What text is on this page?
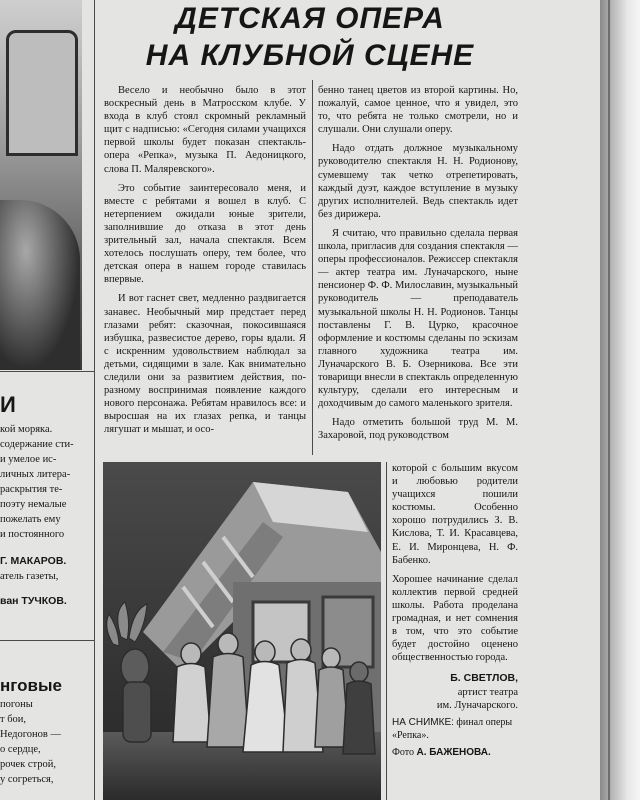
И
кой моряка.
содержание сти-
и умелое ис-
личных литера-
раскрытия те-
поэту немалые
пожелать ему
и постоянного
Г. МАКАРОВ.
атель газеты,
ван ТУЧКОВ.
нговые
погоны
т бои,
Недогонов —
о сердце,
рочек строй,
у согреться,
ДЕТСКАЯ ОПЕРА
НА КЛУБНОЙ СЦЕНЕ

Весело и необычно было в этот воскресный день в Матросском клубе. У входа в клуб стоял скромный рекламный щит с надписью: «Сегодня силами учащихся первой школы будет показан спектакль-опера «Репка», музыка П. Аедоницкого, слова П. Маляревского».

Это событие заинтересовало меня, и вместе с ребятами я вошел в клуб. С нетерпением ожидали юные зрители, заполнившие до отказа в этот день зрительный зал, начала спектакля. Всем хотелось послушать оперу, тем более, что детская опера в нашем городе ставилась впервые.

И вот гаснет свет, медленно раздвигается занавес. Необычный мир предстает перед глазами ребят: сказочная, покосившаяся избушка, развесистое дерево, горы вдали. Я с искренним удовольствием наблюдал за детьми, сидящими в зале. Как внимательно следили они за развитием действия, по-разному воспринимая появление каждого нового персонажа. Ребятам нравилось все: и выросшая на их глазах репка, и танцы лягушат и мышат, и осо-

бенно танец цветов из второй картины. Но, пожалуй, самое ценное, что я увидел, это то, что ребята не только смотрели, но и слушали. Они слушали оперу.

Надо отдать должное музыкальному руководителю спектакля Н. Н. Родионову, сумевшему так четко отрепетировать, каждый дуэт, каждое вступление в музыку других исполнителей. Ведь спектакль идет без дирижера.

Я считаю, что правильно сделала первая школа, пригласив для создания спектакля — оперы профессионалов. Режиссер спектакля — актер театра им. Луначарского, ныне пенсионер Ф. Ф. Милославин, музыкальный руководитель — преподаватель музыкальной школы Н. Н. Родионов. Танцы поставлены Г. В. Цурко, красочное оформление и костюмы сделаны по эскизам главного художника театра им. Луначарского В. Б. Озерникова. Все эти товарищи внесли в спектакль определенную культуру, сделали его интересным и доходчивым до самого маленького зрителя.

Надо отметить большой труд М. М. Захаровой, под руководством

которой с большим вкусом и любовью родители учащихся пошили костюмы. Особенно хорошо потрудились З. В. Кислова, Т. И. Красавцева, Е. И. Миронцева, Н. Ф. Бабенко.

Хорошее начинание сделал коллектив первой средней школы. Работа проделана громадная, и нет сомнения в том, что это событие будет достойно оценено общественностью города.

Б. СВЕТЛОВ,
артист театра
им. Луначарского.
НА СНИМКЕ: финал оперы «Репка».
Фото А. БАЖЕНОВА.
